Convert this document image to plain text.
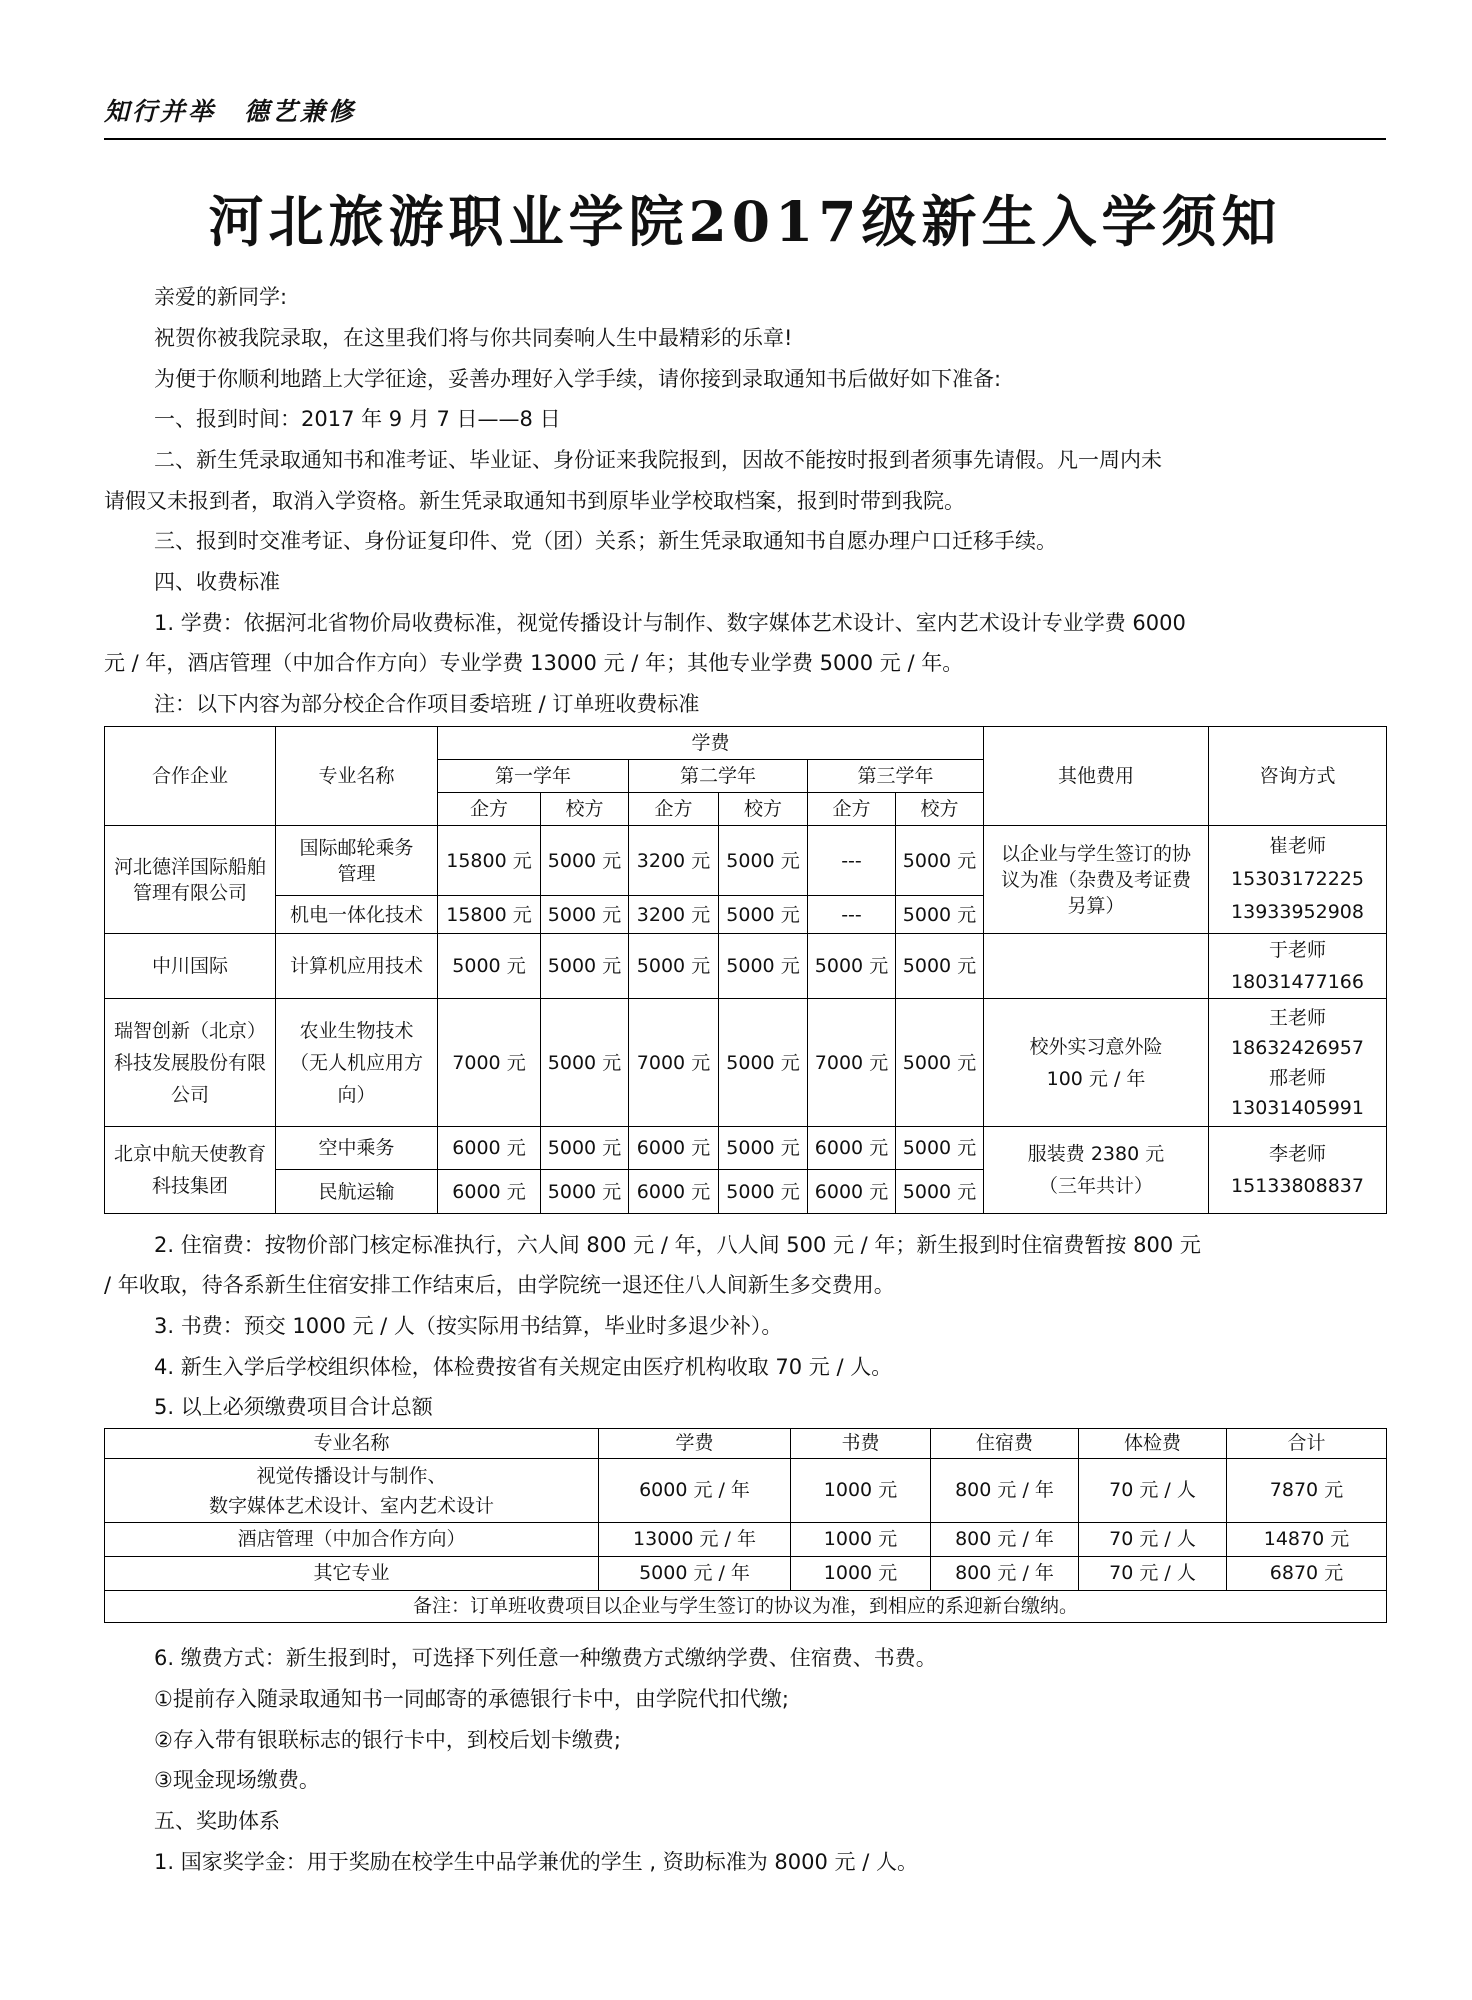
知行并举　德艺兼修
河北旅游职业学院2017级新生入学须知
亲爱的新同学:
祝贺你被我院录取，在这里我们将与你共同奏响人生中最精彩的乐章!
为便于你顺利地踏上大学征途，妥善办理好入学手续，请你接到录取通知书后做好如下准备:
一、报到时间：2017 年 9 月 7 日——8 日
二、新生凭录取通知书和准考证、毕业证、身份证来我院报到，因故不能按时报到者须事先请假。凡一周内未
请假又未报到者，取消入学资格。新生凭录取通知书到原毕业学校取档案，报到时带到我院。
三、报到时交准考证、身份证复印件、党（团）关系；新生凭录取通知书自愿办理户口迁移手续。
四、收费标准
1. 学费：依据河北省物价局收费标准，视觉传播设计与制作、数字媒体艺术设计、室内艺术设计专业学费 6000
元 / 年，酒店管理（中加合作方向）专业学费 13000 元 / 年；其他专业学费 5000 元 / 年。
注：以下内容为部分校企合作项目委培班 / 订单班收费标准
合作企业	专业名称	学费						其他费用	咨询方式
		第一学年		第二学年		第三学年			
		企方	校方	企方	校方	企方	校方		
河北德洋国际船舶管理有限公司	国际邮轮乘务管理	15800 元	5000 元	3200 元	5000 元	---	5000 元	以企业与学生签订的协议为准（杂费及考证费另算）	崔老师
15303172225
13933952908
	机电一体化技术	15800 元	5000 元	3200 元	5000 元	---	5000 元		
中川国际	计算机应用技术	5000 元	5000 元	5000 元	5000 元	5000 元	5000 元		于老师
18031477166
瑞智创新（北京）科技发展股份有限公司	农业生物技术（无人机应用方向）	7000 元	5000 元	7000 元	5000 元	7000 元	5000 元	校外实习意外险
100 元 / 年	王老师
18632426957
邢老师
13031405991
北京中航天使教育科技集团	空中乘务	6000 元	5000 元	6000 元	5000 元	6000 元	5000 元	服装费 2380 元
（三年共计）	李老师
15133808837
	民航运输	6000 元	5000 元	6000 元	5000 元	6000 元	5000 元		
2. 住宿费：按物价部门核定标准执行，六人间 800 元 / 年，八人间 500 元 / 年；新生报到时住宿费暂按 800 元
/ 年收取，待各系新生住宿安排工作结束后，由学院统一退还住八人间新生多交费用。
3. 书费：预交 1000 元 / 人（按实际用书结算，毕业时多退少补）。
4. 新生入学后学校组织体检，体检费按省有关规定由医疗机构收取 70 元 / 人。
5. 以上必须缴费项目合计总额
专业名称	学费	书费	住宿费	体检费	合计
视觉传播设计与制作、
数字媒体艺术设计、室内艺术设计	6000 元 / 年	1000 元	800 元 / 年	70 元 / 人	7870 元
酒店管理（中加合作方向）	13000 元 / 年	1000 元	800 元 / 年	70 元 / 人	14870 元
其它专业	5000 元 / 年	1000 元	800 元 / 年	70 元 / 人	6870 元
备注：订单班收费项目以企业与学生签订的协议为准，到相应的系迎新台缴纳。					
6. 缴费方式：新生报到时，可选择下列任意一种缴费方式缴纳学费、住宿费、书费。
①提前存入随录取通知书一同邮寄的承德银行卡中，由学院代扣代缴;
②存入带有银联标志的银行卡中，到校后划卡缴费;
③现金现场缴费。
五、奖助体系
1. 国家奖学金：用于奖励在校学生中品学兼优的学生 , 资助标准为 8000 元 / 人。
